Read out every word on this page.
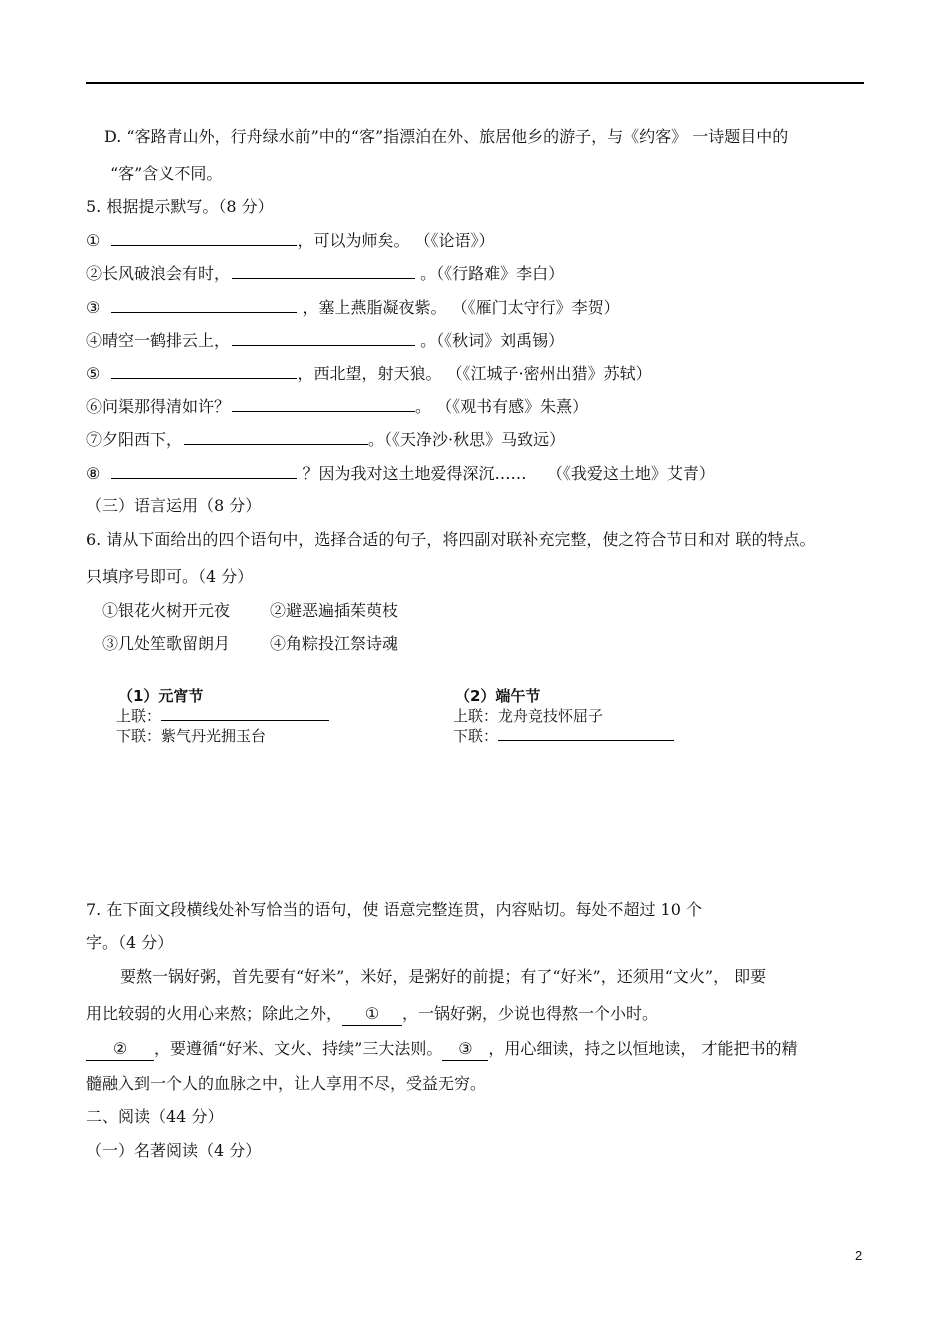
D. “客路青山外，行舟绿水前”中的“客”指漂泊在外、旅居他乡的游子，与《约客》 一诗题目中的
“客”含义不同。
5. 根据提示默写。（8 分）
①	，可以为师矣。 （《论语》）
②长风破浪会有时，	。（《行路难》李白）
③	，塞上燕脂凝夜紫。 （《雁门太守行》李贺）
④晴空一鹤排云上，	。（《秋词》刘禹锡）
⑤	，西北望，射天狼。 （《江城子·密州出猎》苏轼）
⑥问渠那得清如许？	。 （《观书有感》朱熹）
⑦夕阳西下，	。（《天净沙·秋思》马致远）
⑧	？因为我对这土地爱得深沉……    （《我爱这土地》艾青）
（三）语言运用（8 分）
6. 请从下面给出的四个语句中，选择合适的句子，将四副对联补充完整，使之符合节日和对 联的特点。
只填序号即可。（4 分）
①银花火树开元夜 ②避恶遍插茱萸枝
③几处笙歌留朗月 ④角粽投江祭诗魂
（1）元宵节
上联：
下联：紫气丹光拥玉台
（2）端午节
上联：龙舟竞技怀屈子
下联：
7. 在下面文段横线处补写恰当的语句，使 语意完整连贯，内容贴切。每处不超过 10 个
字。（4 分）
要熬一锅好粥，首先要有“好米”，米好，是粥好的前提；有了“好米”，还须用“文火”， 即要
用比较弱的火用心来熬；除此之外， ① ，一锅好粥，少说也得熬一个小时。
② ，要遵循“好米、文火、持续”三大法则。 ③ ，用心细读，持之以恒地读， 才能把书的精
髓融入到一个人的血脉之中，让人享用不尽，受益无穷。
二、阅读（44 分）
（一）名著阅读（4 分）
2
